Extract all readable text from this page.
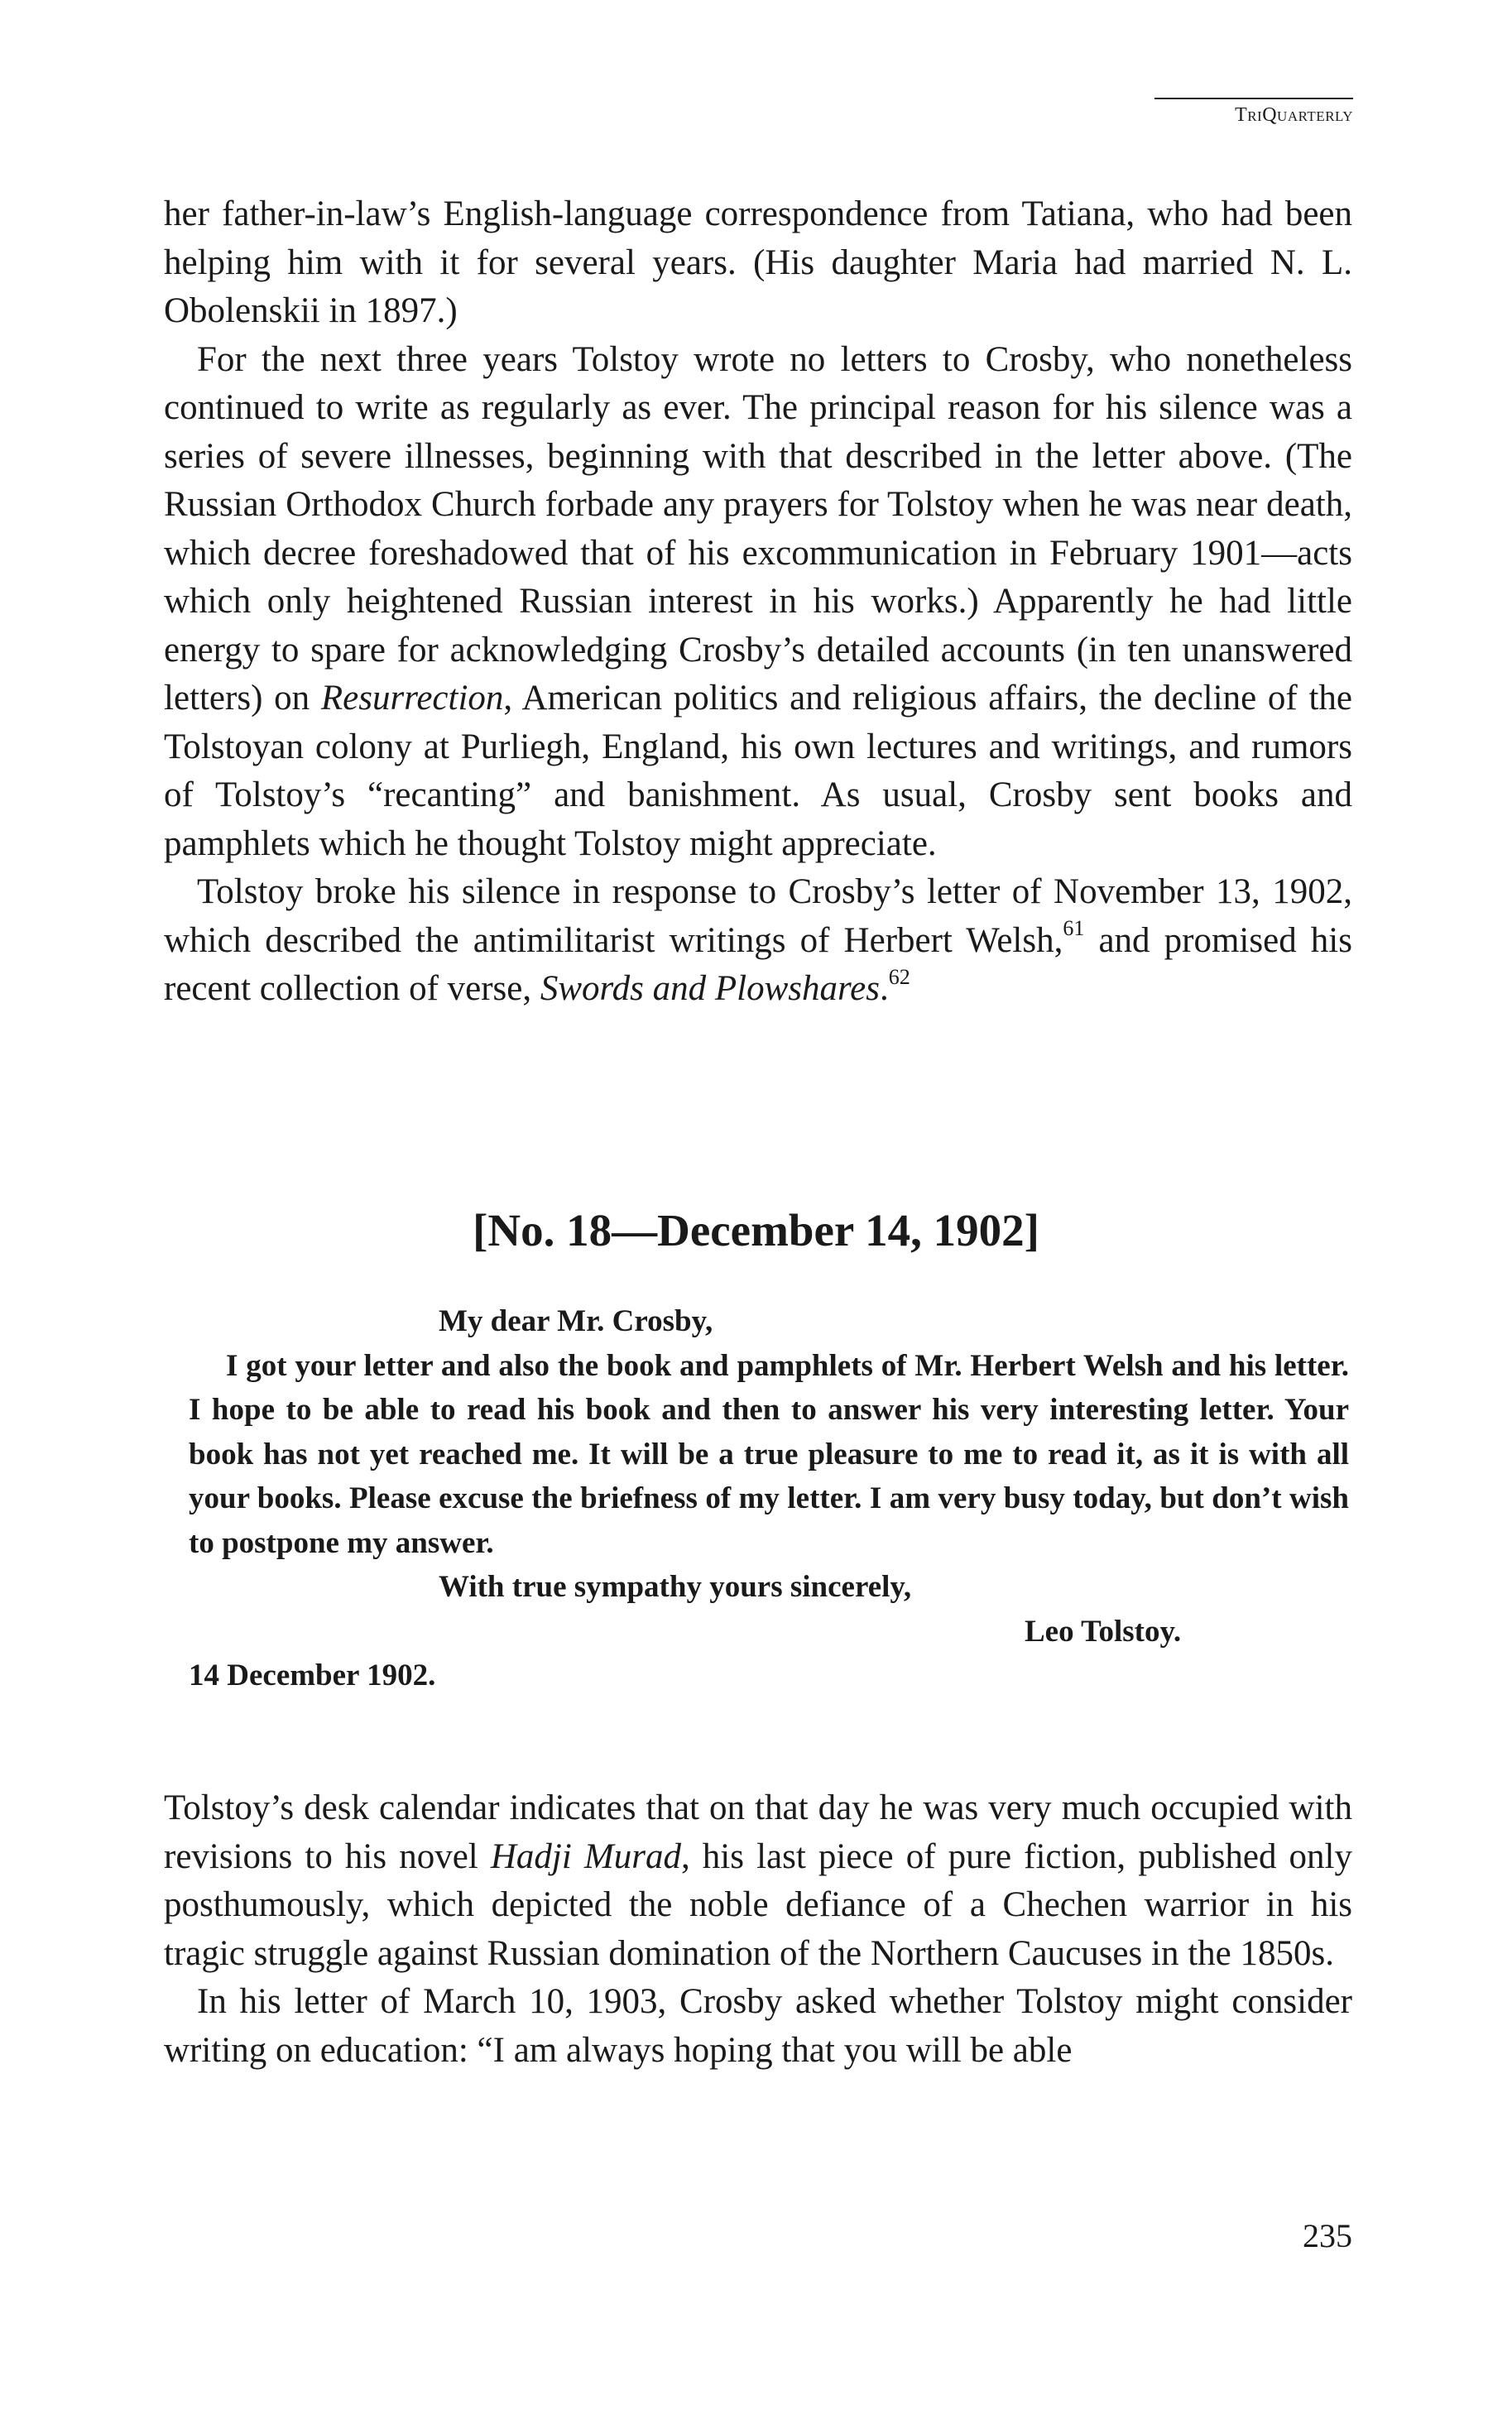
TriQuarterly

her father-in-law’s English-language correspondence from Tatiana, who had been helping him with it for several years. (His daughter Maria had married N. L. Obolenskii in 1897.)

For the next three years Tolstoy wrote no letters to Crosby, who nonetheless continued to write as regularly as ever. The principal reason for his silence was a series of severe illnesses, beginning with that described in the letter above. (The Russian Orthodox Church forbade any prayers for Tolstoy when he was near death, which decree foreshadowed that of his excommunication in February 1901—acts which only heightened Russian interest in his works.) Apparently he had little energy to spare for acknowledging Crosby’s detailed accounts (in ten unanswered letters) on Resurrection, American politics and religious affairs, the decline of the Tolstoyan colony at Purliegh, England, his own lectures and writings, and rumors of Tolstoy’s “recanting” and banishment. As usual, Crosby sent books and pamphlets which he thought Tolstoy might appreciate.

Tolstoy broke his silence in response to Crosby’s letter of November 13, 1902, which described the antimilitarist writings of Herbert Welsh,$^{61}$ and promised his recent collection of verse, Swords and Plowshares.$^{62}$

[No. 18—December 14, 1902]

My dear Mr. Crosby,

I got your letter and also the book and pamphlets of Mr. Herbert Welsh and his letter. I hope to be able to read his book and then to answer his very interesting letter. Your book has not yet reached me. It will be a true pleasure to me to read it, as it is with all your books. Please excuse the briefness of my letter. I am very busy today, but don’t wish to postpone my answer.

With true sympathy yours sincerely,

Leo Tolstoy.

14 December 1902.

Tolstoy’s desk calendar indicates that on that day he was very much occupied with revisions to his novel Hadji Murad, his last piece of pure fiction, published only posthumously, which depicted the noble defiance of a Chechen warrior in his tragic struggle against Russian domination of the Northern Caucuses in the 1850s.

In his letter of March 10, 1903, Crosby asked whether Tolstoy might consider writing on education: “I am always hoping that you will be able

235
